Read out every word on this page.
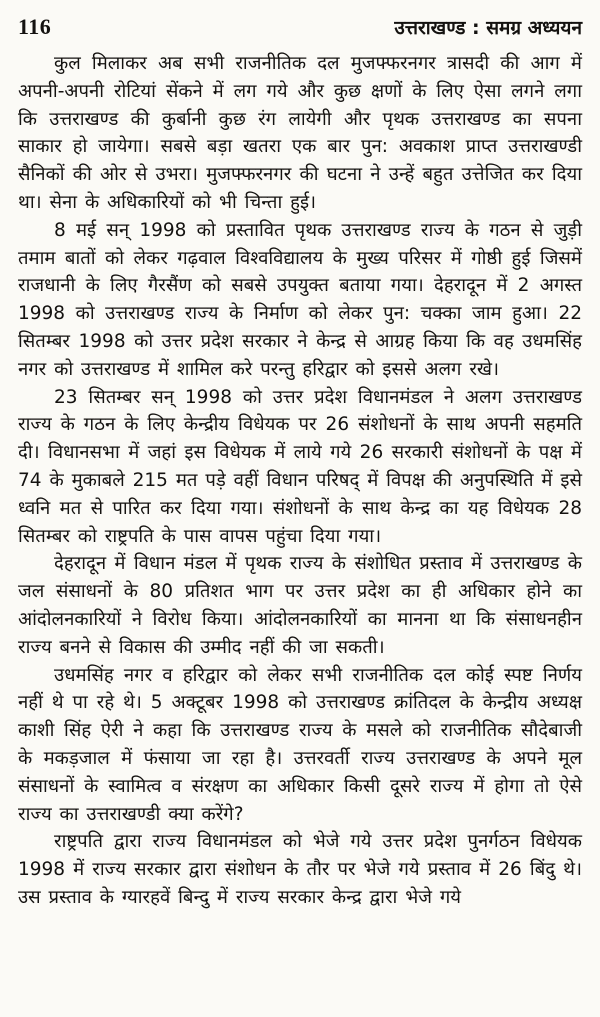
116	उत्तराखण्ड : समग्र अध्ययन

कुल मिलाकर अब सभी राजनीतिक दल मुजफ्फरनगर त्रासदी की आग में अपनी-अपनी रोटियां सेंकने में लग गये और कुछ क्षणों के लिए ऐसा लगने लगा कि उत्तराखण्ड की कुर्बानी कुछ रंग लायेगी और पृथक उत्तराखण्ड का सपना साकार हो जायेगा। सबसे बड़ा खतरा एक बार पुन: अवकाश प्राप्त उत्तराखण्डी सैनिकों की ओर से उभरा। मुजफ्फरनगर की घटना ने उन्हें बहुत उत्तेजित कर दिया था। सेना के अधिकारियों को भी चिन्ता हुई।

8 मई सन् 1998 को प्रस्तावित पृथक उत्तराखण्ड राज्य के गठन से जुड़ी तमाम बातों को लेकर गढ़वाल विश्वविद्यालय के मुख्य परिसर में गोष्ठी हुई जिसमें राजधानी के लिए गैरसैंण को सबसे उपयुक्त बताया गया। देहरादून में 2 अगस्त 1998 को उत्तराखण्ड राज्य के निर्माण को लेकर पुन: चक्का जाम हुआ। 22 सितम्बर 1998 को उत्तर प्रदेश सरकार ने केन्द्र से आग्रह किया कि वह उधमसिंह नगर को उत्तराखण्ड में शामिल करे परन्तु हरिद्वार को इससे अलग रखे।

23 सितम्बर सन् 1998 को उत्तर प्रदेश विधानमंडल ने अलग उत्तराखण्ड राज्य के गठन के लिए केन्द्रीय विधेयक पर 26 संशोधनों के साथ अपनी सहमति दी। विधानसभा में जहां इस विधेयक में लाये गये 26 सरकारी संशोधनों के पक्ष में 74 के मुकाबले 215 मत पड़े वहीं विधान परिषद् में विपक्ष की अनुपस्थिति में इसे ध्वनि मत से पारित कर दिया गया। संशोधनों के साथ केन्द्र का यह विधेयक 28 सितम्बर को राष्ट्रपति के पास वापस पहुंचा दिया गया।

देहरादून में विधान मंडल में पृथक राज्य के संशोधित प्रस्ताव में उत्तराखण्ड के जल संसाधनों के 80 प्रतिशत भाग पर उत्तर प्रदेश का ही अधिकार होने का आंदोलनकारियों ने विरोध किया। आंदोलनकारियों का मानना था कि संसाधनहीन राज्य बनने से विकास की उम्मीद नहीं की जा सकती।

उधमसिंह नगर व हरिद्वार को लेकर सभी राजनीतिक दल कोई स्पष्ट निर्णय नहीं थे पा रहे थे। 5 अक्टूबर 1998 को उत्तराखण्ड क्रांतिदल के केन्द्रीय अध्यक्ष काशी सिंह ऐरी ने कहा कि उत्तराखण्ड राज्य के मसले को राजनीतिक सौदेबाजी के मकड़जाल में फंसाया जा रहा है। उत्तरवर्ती राज्य उत्तराखण्ड के अपने मूल संसाधनों के स्वामित्व व संरक्षण का अधिकार किसी दूसरे राज्य में होगा तो ऐसे राज्य का उत्तराखण्डी क्या करेंगे?

राष्ट्रपति द्वारा राज्य विधानमंडल को भेजे गये उत्तर प्रदेश पुनर्गठन विधेयक 1998 में राज्य सरकार द्वारा संशोधन के तौर पर भेजे गये प्रस्ताव में 26 बिंदु थे। उस प्रस्ताव के ग्यारहवें बिन्दु में राज्य सरकार केन्द्र द्वारा भेजे गये
